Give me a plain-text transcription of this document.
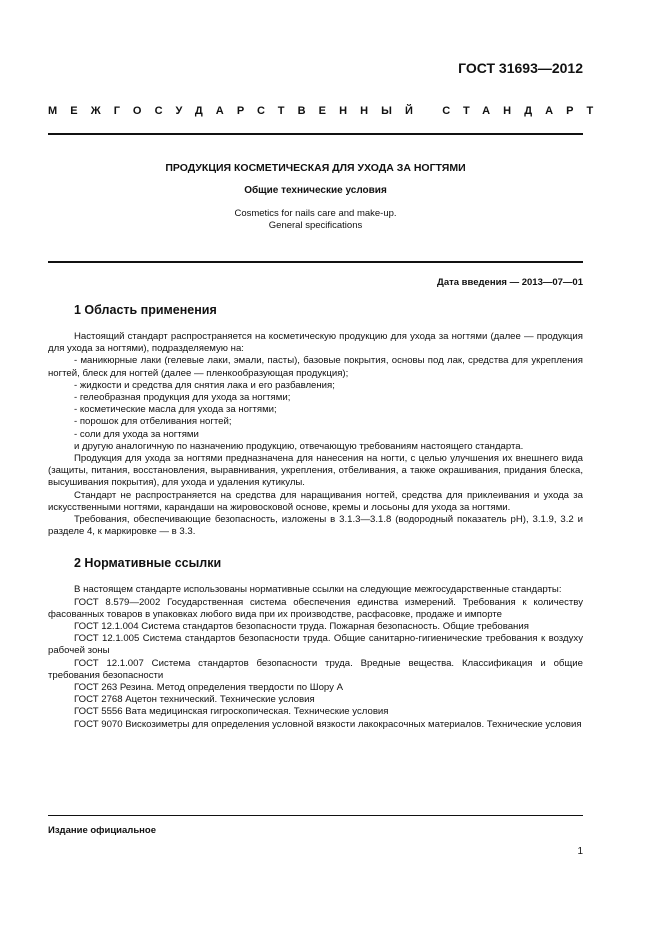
ГОСТ 31693—2012
МЕЖГОСУДАРСТВЕННЫЙ СТАНДАРТ
ПРОДУКЦИЯ КОСМЕТИЧЕСКАЯ ДЛЯ УХОДА ЗА НОГТЯМИ
Общие технические условия
Cosmetics for nails care and make-up.
General specifications
Дата введения — 2013—07—01
1 Область применения

Настоящий стандарт распространяется на косметическую продукцию для ухода за ногтями (далее — продукция для ухода за ногтями), подразделяемую на:

- маникюрные лаки (гелевые лаки, эмали, пасты), базовые покрытия, основы под лак, средства для укрепления ногтей, блеск для ногтей (далее — пленкообразующая продукция);

- жидкости и средства для снятия лака и его разбавления;

- гелеобразная продукция для ухода за ногтями;

- косметические масла для ухода за ногтями;

- порошок для отбеливания ногтей;

- соли для ухода за ногтями

и другую аналогичную по назначению продукцию, отвечающую требованиям настоящего стандарта.

Продукция для ухода за ногтями предназначена для нанесения на ногти, с целью улучшения их внешнего вида (защиты, питания, восстановления, выравнивания, укрепления, отбеливания, а также окрашивания, придания блеска, высушивания покрытия), для ухода и удаления кутикулы.

Стандарт не распространяется на средства для наращивания ногтей, средства для приклеивания и ухода за искусственными ногтями, карандаши на жировосковой основе, кремы и лосьоны для ухода за ногтями.

Требования, обеспечивающие безопасность, изложены в 3.1.3—3.1.8 (водородный показатель pH), 3.1.9, 3.2 и разделе 4, к маркировке — в 3.3.

2 Нормативные ссылки

В настоящем стандарте использованы нормативные ссылки на следующие межгосударственные стандарты:

ГОСТ 8.579—2002 Государственная система обеспечения единства измерений. Требования к количеству фасованных товаров в упаковках любого вида при их производстве, расфасовке, продаже и импорте

ГОСТ 12.1.004 Система стандартов безопасности труда. Пожарная безопасность. Общие требования

ГОСТ 12.1.005 Система стандартов безопасности труда. Общие санитарно-гигиенические требования к воздуху рабочей зоны

ГОСТ 12.1.007 Система стандартов безопасности труда. Вредные вещества. Классификация и общие требования безопасности

ГОСТ 263 Резина. Метод определения твердости по Шору А

ГОСТ 2768 Ацетон технический. Технические условия

ГОСТ 5556 Вата медицинская гигроскопическая. Технические условия

ГОСТ 9070 Вискозиметры для определения условной вязкости лакокрасочных материалов. Технические условия

Издание официальное
1
